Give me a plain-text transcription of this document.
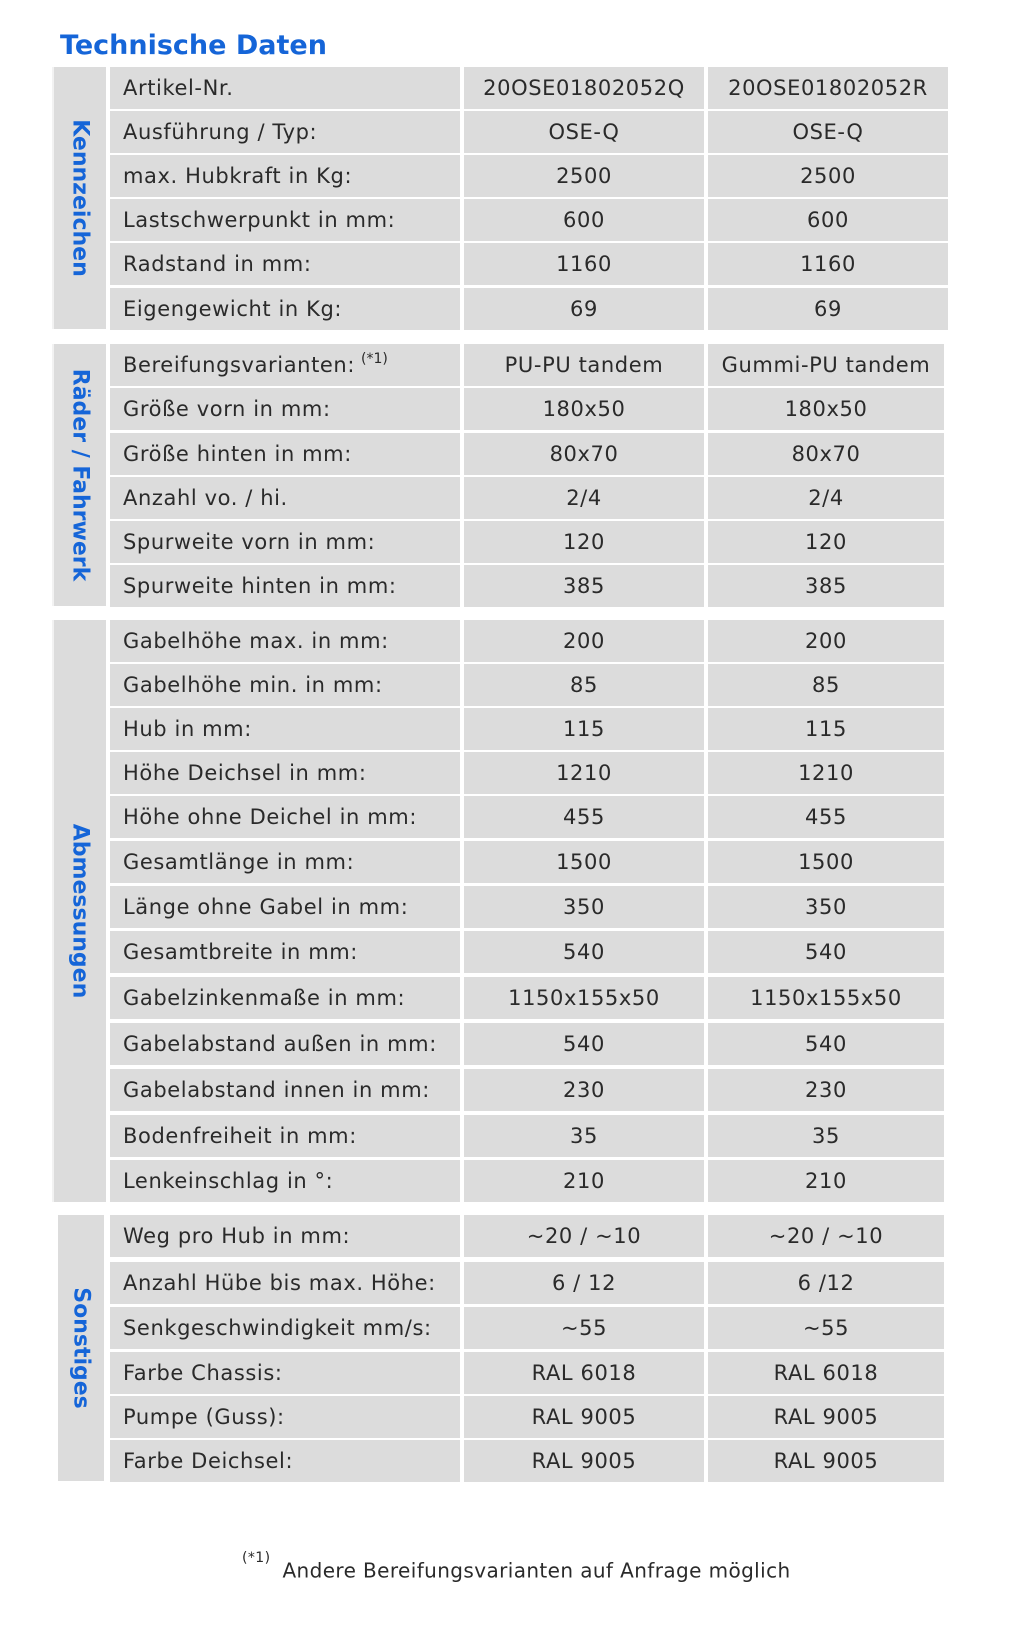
Technische Daten
Kennzeichen
Artikel-Nr.	20OSE01802052Q	20OSE01802052R
Ausführung / Typ:	OSE-Q	OSE-Q
max. Hubkraft in Kg:	2500	2500
Lastschwerpunkt in mm:	600	600
Radstand in mm:	1160	1160
Eigengewicht in Kg:	69	69
Räder / Fahrwerk
Bereifungsvarianten: $^{(*1)}$	PU-PU tandem	Gummi-PU tandem
Größe vorn in mm:	180x50	180x50
Größe hinten in mm:	80x70	80x70
Anzahl vo. / hi.	2/4	2/4
Spurweite vorn in mm:	120	120
Spurweite hinten in mm:	385	385
Abmessungen
Gabelhöhe max. in mm:	200	200
Gabelhöhe min. in mm:	85	85
Hub in mm:	115	115
Höhe Deichsel in mm:	1210	1210
Höhe ohne Deichel in mm:	455	455
Gesamtlänge in mm:	1500	1500
Länge ohne Gabel in mm:	350	350
Gesamtbreite in mm:	540	540
Gabelzinkenmaße in mm:	1150x155x50	1150x155x50
Gabelabstand außen in mm:	540	540
Gabelabstand innen in mm:	230	230
Bodenfreiheit in mm:	35	35
Lenkeinschlag in °:	210	210
Sonstiges
Weg pro Hub in mm:	~20 / ~10	~20 / ~10
Anzahl Hübe bis max. Höhe:	6 / 12	6 /12
Senkgeschwindigkeit mm/s:	~55	~55
Farbe Chassis:	RAL 6018	RAL 6018
Pumpe (Guss):	RAL 9005	RAL 9005
Farbe Deichsel:	RAL 9005	RAL 9005
$^{(*1)}$Andere Bereifungsvarianten auf Anfrage möglich
